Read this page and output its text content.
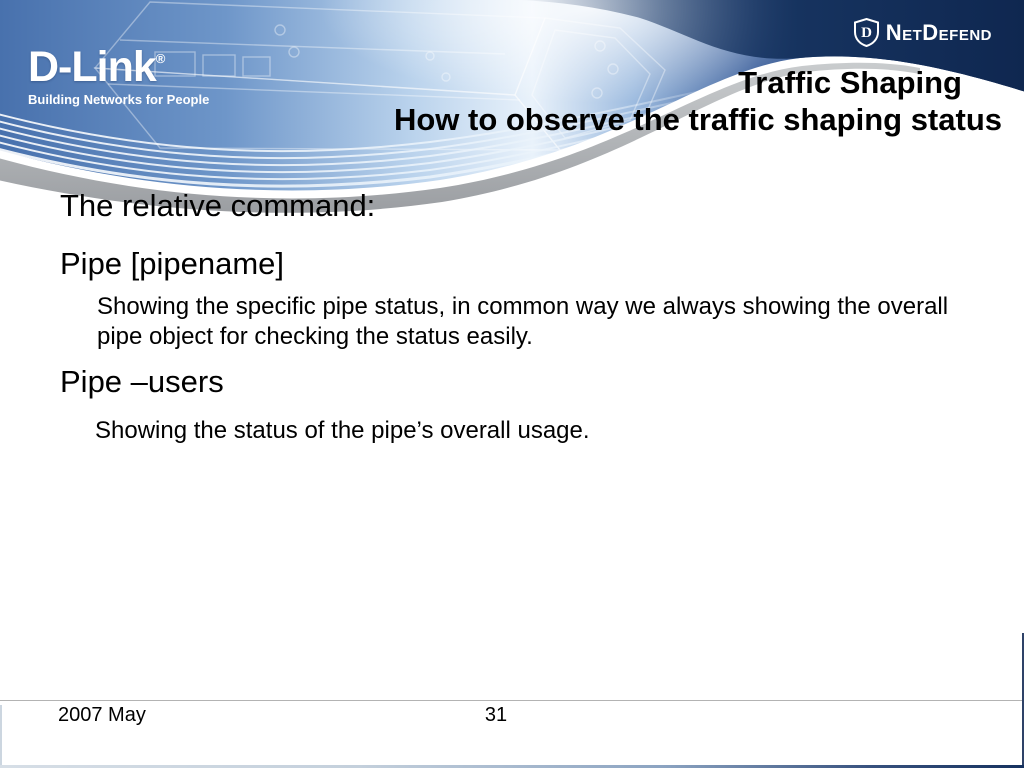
D-Link®
Building Networks for People
D NetDefend
Traffic Shaping
How to observe the traffic shaping status
The relative command:
Pipe [pipename]
Showing the specific pipe status, in common way we always showing the overall pipe object for checking the status easily.
Pipe –users
Showing the status of the pipe’s overall usage.
2007 May	31
